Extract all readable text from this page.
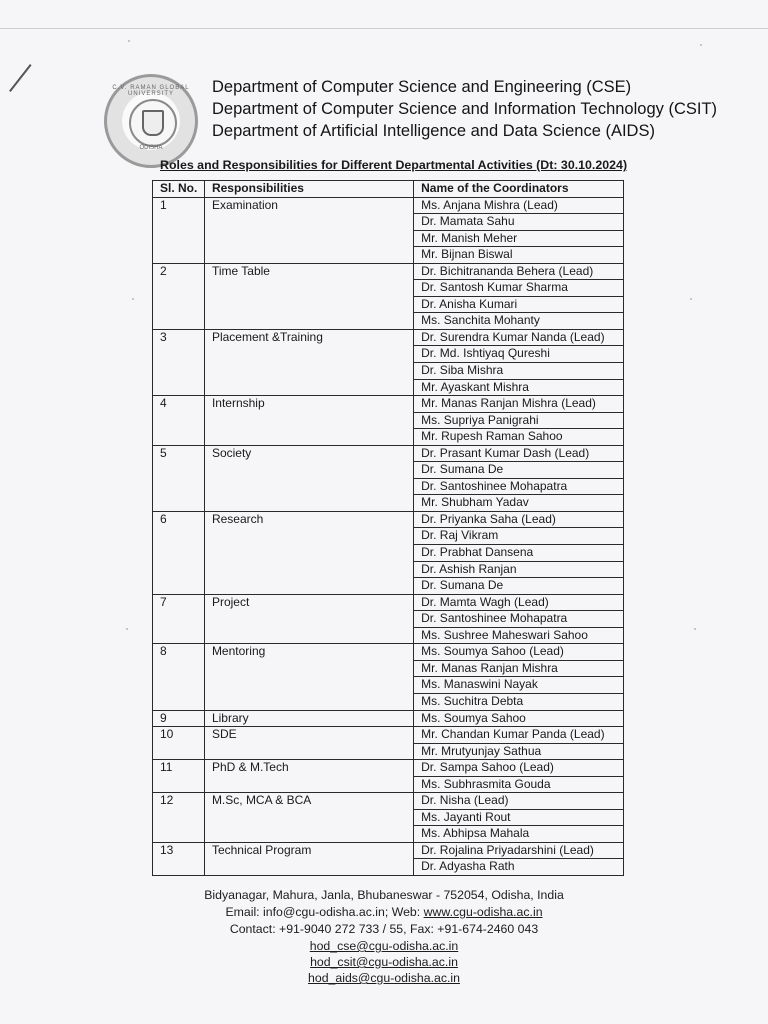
C.V. RAMAN GLOBAL UNIVERSITY
ODISHA
Department of Computer Science and Engineering (CSE)
Department of Computer Science and Information Technology (CSIT)
Department of Artificial Intelligence and Data Science (AIDS)
Roles and Responsibilities for Different Departmental Activities (Dt: 30.10.2024)
Sl. No.	Responsibilities	Name of the Coordinators
1	Examination	Ms. Anjana Mishra (Lead)
		Dr. Mamata Sahu
		Mr. Manish Meher
		Mr. Bijnan Biswal
2	Time Table	Dr. Bichitrananda Behera (Lead)
		Dr. Santosh Kumar Sharma
		Dr. Anisha Kumari
		Ms. Sanchita Mohanty
3	Placement &Training	Dr. Surendra Kumar Nanda (Lead)
		Dr. Md. Ishtiyaq Qureshi
		Dr. Siba Mishra
		Mr. Ayaskant Mishra
4	Internship	Mr. Manas Ranjan Mishra (Lead)
		Ms. Supriya Panigrahi
		Mr. Rupesh Raman Sahoo
5	Society	Dr. Prasant Kumar Dash (Lead)
		Dr. Sumana De
		Dr. Santoshinee Mohapatra
		Mr. Shubham Yadav
6	Research	Dr. Priyanka Saha (Lead)
		Dr. Raj Vikram
		Dr. Prabhat Dansena
		Dr. Ashish Ranjan
		Dr. Sumana De
7	Project	Dr. Mamta Wagh (Lead)
		Dr. Santoshinee Mohapatra
		Ms. Sushree Maheswari Sahoo
8	Mentoring	Ms. Soumya Sahoo (Lead)
		Mr. Manas Ranjan Mishra
		Ms. Manaswini Nayak
		Ms. Suchitra Debta
9	Library	Ms. Soumya Sahoo
10	SDE	Mr. Chandan Kumar Panda (Lead)
		Mr. Mrutyunjay Sathua
11	PhD & M.Tech	Dr. Sampa Sahoo (Lead)
		Ms. Subhrasmita Gouda
12	M.Sc, MCA & BCA	Dr. Nisha (Lead)
		Ms. Jayanti Rout
		Ms. Abhipsa Mahala
13	Technical Program	Dr. Rojalina Priyadarshini (Lead)
		Dr. Adyasha Rath
Bidyanagar, Mahura, Janla, Bhubaneswar - 752054, Odisha, India
Email: info@cgu-odisha.ac.in; Web: www.cgu-odisha.ac.in
Contact: +91-9040 272 733 / 55, Fax: +91-674-2460 043
hod_cse@cgu-odisha.ac.in
hod_csit@cgu-odisha.ac.in
hod_aids@cgu-odisha.ac.in
